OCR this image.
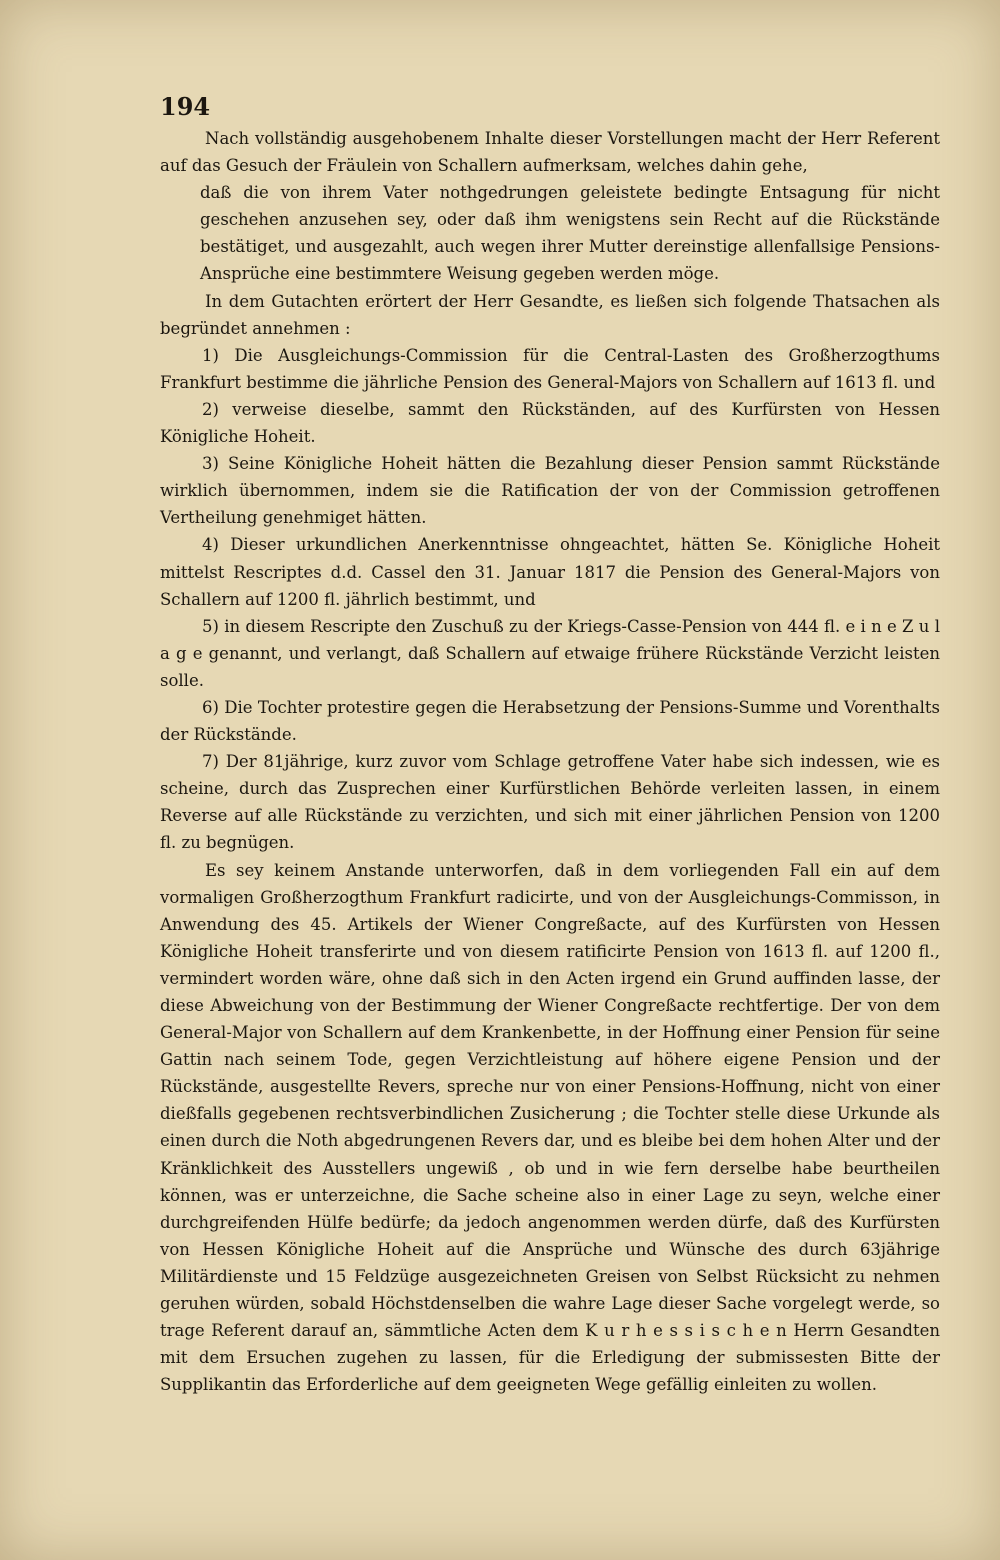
194

Nach vollständig ausgehobenem Inhalte dieser Vorstellungen macht der Herr Referent auf das Gesuch der Fräulein von Schallern aufmerksam, welches dahin gehe,

daß die von ihrem Vater nothgedrungen geleistete bedingte Entsagung für nicht geschehen anzusehen sey, oder daß ihm wenigstens sein Recht auf die Rückstände bestätiget, und ausgezahlt, auch wegen ihrer Mutter dereinstige allenfallsige Pensions-Ansprüche eine bestimmtere Weisung gegeben werden möge.

In dem Gutachten erörtert der Herr Gesandte, es ließen sich folgende Thatsachen als begründet annehmen :

1) Die Ausgleichungs-Commission für die Central-Lasten des Großherzogthums Frankfurt bestimme die jährliche Pension des General-Majors von Schallern auf 1613 fl. und

2) verweise dieselbe, sammt den Rückständen, auf des Kurfürsten von Hessen Königliche Hoheit.

3) Seine Königliche Hoheit hätten die Bezahlung dieser Pension sammt Rückstände wirklich übernommen, indem sie die Ratification der von der Commission getroffenen Vertheilung genehmiget hätten.

4) Dieser urkundlichen Anerkenntnisse ohngeachtet, hätten Se. Königliche Hoheit mittelst Rescriptes d.d. Cassel den 31. Januar 1817 die Pension des General-Majors von Schallern auf 1200 fl. jährlich bestimmt, und

5) in diesem Rescripte den Zuschuß zu der Kriegs-Casse-Pension von 444 fl. e i n e Z u l a g e genannt, und verlangt, daß Schallern auf etwaige frühere Rückstände Verzicht leisten solle.

6) Die Tochter protestire gegen die Herabsetzung der Pensions-Summe und Vorenthalts der Rückstände.

7) Der 81jährige, kurz zuvor vom Schlage getroffene Vater habe sich indessen, wie es scheine, durch das Zusprechen einer Kurfürstlichen Behörde verleiten lassen, in einem Reverse auf alle Rückstände zu verzichten, und sich mit einer jährlichen Pension von 1200 fl. zu begnügen.

Es sey keinem Anstande unterworfen, daß in dem vorliegenden Fall ein auf dem vormaligen Großherzogthum Frankfurt radicirte, und von der Ausgleichungs-Commisson, in Anwendung des 45. Artikels der Wiener Congreßacte, auf des Kurfürsten von Hessen Königliche Hoheit transferirte und von diesem ratificirte Pension von 1613 fl. auf 1200 fl., vermindert worden wäre, ohne daß sich in den Acten irgend ein Grund auffinden lasse, der diese Abweichung von der Bestimmung der Wiener Congreßacte rechtfertige. Der von dem General-Major von Schallern auf dem Krankenbette, in der Hoffnung einer Pension für seine Gattin nach seinem Tode, gegen Verzichtleistung auf höhere eigene Pension und der Rückstände, ausgestellte Revers, spreche nur von einer Pensions-Hoffnung, nicht von einer dießfalls gegebenen rechtsverbindlichen Zusicherung ; die Tochter stelle diese Urkunde als einen durch die Noth abgedrungenen Revers dar, und es bleibe bei dem hohen Alter und der Kränklichkeit des Ausstellers ungewiß , ob und in wie fern derselbe habe beurtheilen können, was er unterzeichne, die Sache scheine also in einer Lage zu seyn, welche einer durchgreifenden Hülfe bedürfe; da jedoch angenommen werden dürfe, daß des Kurfürsten von Hessen Königliche Hoheit auf die Ansprüche und Wünsche des durch 63jährige Militärdienste und 15 Feldzüge ausgezeichneten Greisen von Selbst Rücksicht zu nehmen geruhen würden, sobald Höchstdenselben die wahre Lage dieser Sache vorgelegt werde, so trage Referent darauf an, sämmtliche Acten dem K u r h e s s i s c h e n Herrn Gesandten mit dem Ersuchen zugehen zu lassen, für die Erledigung der submissesten Bitte der Supplikantin das Erforderliche auf dem geeigneten Wege gefällig einleiten zu wollen.
